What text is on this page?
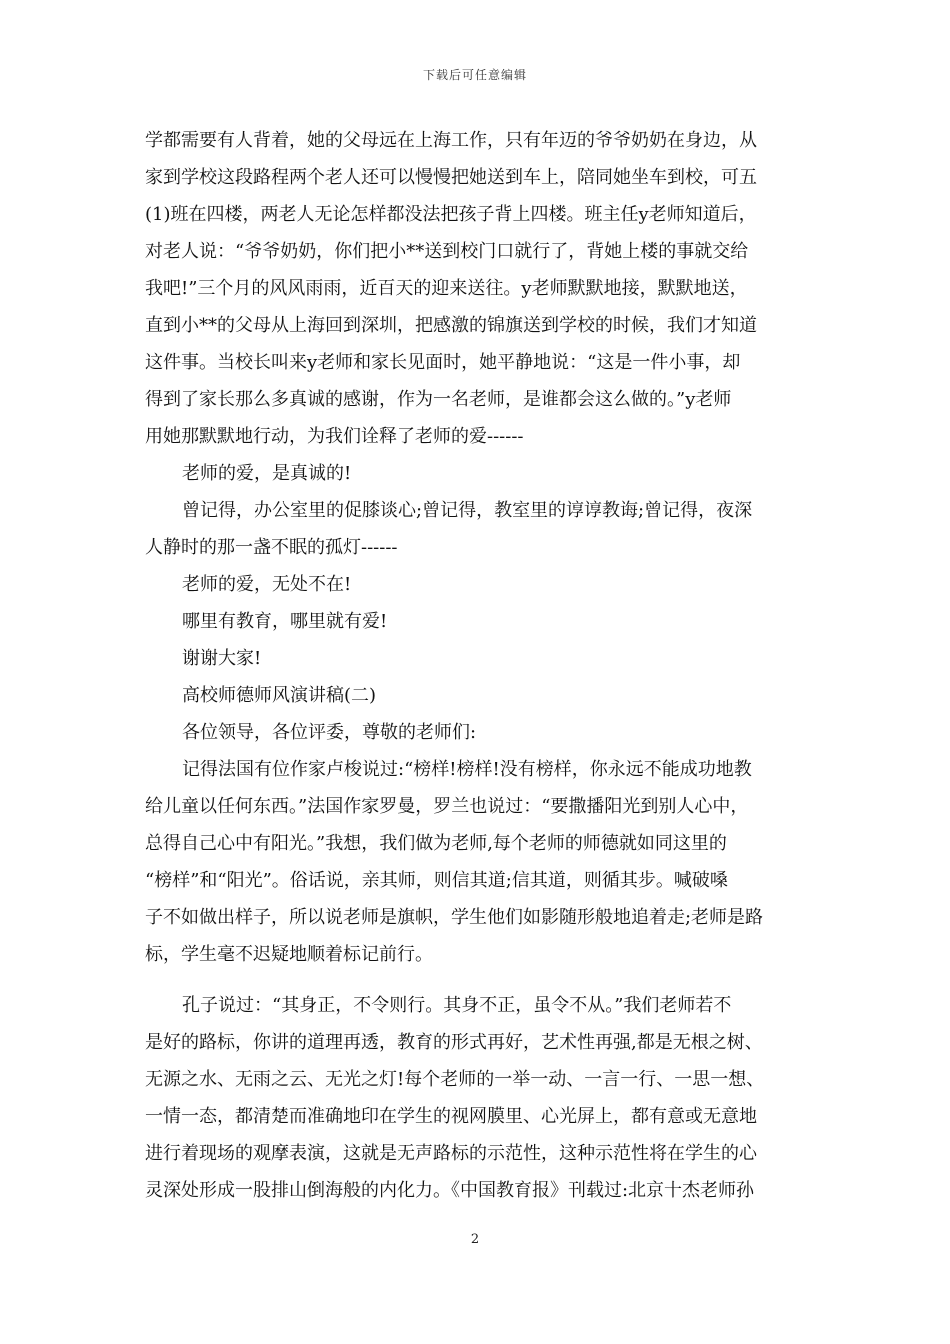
下载后可任意编辑
学都需要有人背着，她的父母远在上海工作，只有年迈的爷爷奶奶在身边，从
家到学校这段路程两个老人还可以慢慢把她送到车上，陪同她坐车到校，可五
(1)班在四楼，两老人无论怎样都没法把孩子背上四楼。班主任y老师知道后，
对老人说：“爷爷奶奶，你们把小**送到校门口就行了，背她上楼的事就交给
我吧!”三个月的风风雨雨，近百天的迎来送往。y老师默默地接，默默地送，
直到小**的父母从上海回到深圳，把感激的锦旗送到学校的时候，我们才知道
这件事。当校长叫来y老师和家长见面时，她平静地说：“这是一件小事，却
得到了家长那么多真诚的感谢，作为一名老师，是谁都会这么做的。”y老师
用她那默默地行动，为我们诠释了老师的爱------
老师的爱，是真诚的!
曾记得，办公室里的促膝谈心;曾记得，教室里的谆谆教诲;曾记得，夜深
人静时的那一盏不眠的孤灯------
老师的爱，无处不在!
哪里有教育，哪里就有爱!
谢谢大家!
高校师德师风演讲稿(二)
各位领导，各位评委，尊敬的老师们:
记得法国有位作家卢梭说过:“榜样!榜样!没有榜样，你永远不能成功地教
给儿童以任何东西。”法国作家罗曼，罗兰也说过：“要撒播阳光到别人心中，
总得自己心中有阳光。”我想，我们做为老师,每个老师的师德就如同这里的
“榜样”和“阳光”。俗话说，亲其师，则信其道;信其道，则循其步。喊破嗓
子不如做出样子，所以说老师是旗帜，学生他们如影随形般地追着走;老师是路
标，学生毫不迟疑地顺着标记前行。
孔子说过：“其身正，不令则行。其身不正，虽令不从。”我们老师若不
是好的路标，你讲的道理再透，教育的形式再好，艺术性再强,都是无根之树、
无源之水、无雨之云、无光之灯!每个老师的一举一动、一言一行、一思一想、
一情一态，都清楚而准确地印在学生的视网膜里、心光屏上，都有意或无意地
进行着现场的观摩表演，这就是无声路标的示范性，这种示范性将在学生的心
灵深处形成一股排山倒海般的内化力。《中国教育报》刊载过:北京十杰老师孙
2
